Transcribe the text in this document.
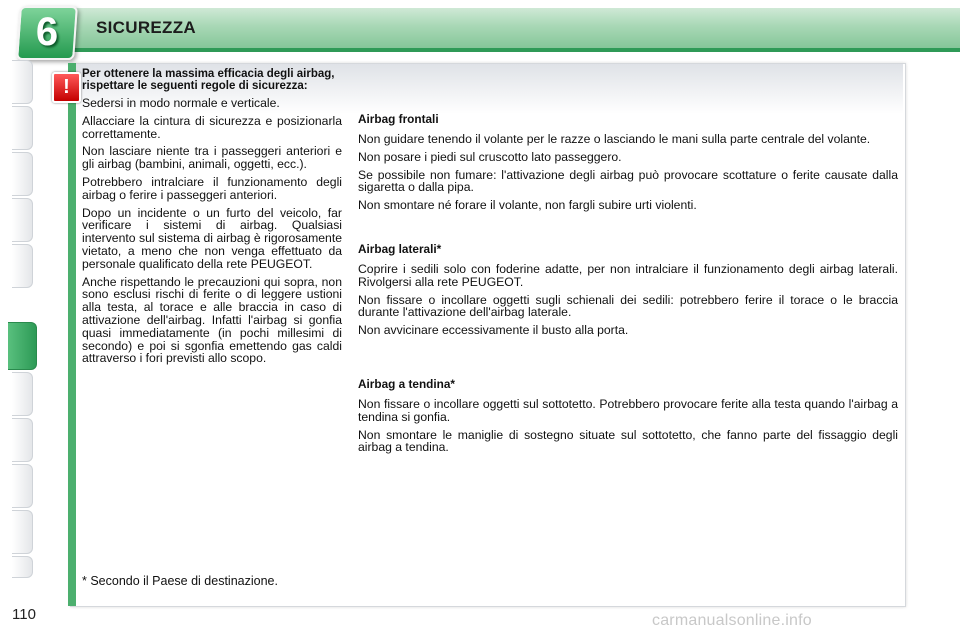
6	SICUREZZA
!
Per ottenere la massima efficacia degli airbag, rispettare le seguenti regole di sicurezza:

Sedersi in modo normale e verticale.

Allacciare la cintura di sicurezza e posizionarla correttamente.

Non lasciare niente tra i passeggeri anteriori e gli airbag (bambini, animali, oggetti, ecc.).

Potrebbero intralciare il funzionamento degli airbag o ferire i passeggeri anteriori.

Dopo un incidente o un furto del veicolo, far verificare i sistemi di airbag. Qualsiasi intervento sul sistema di airbag è rigorosamente vietato, a meno che non venga effettuato da personale qualificato della rete PEUGEOT.

Anche rispettando le precauzioni qui sopra, non sono esclusi rischi di ferite o di leggere ustioni alla testa, al torace e alle braccia in caso di attivazione dell'airbag. Infatti l'airbag si gonfia quasi immediatamente (in pochi millesimi di secondo) e poi si sgonfia emettendo gas caldi attraverso i fori previsti allo scopo.

* Secondo il Paese di destinazione.
Airbag frontali

Non guidare tenendo il volante per le razze o lasciando le mani sulla parte centrale del volante.

Non posare i piedi sul cruscotto lato passeggero.

Se possibile non fumare: l'attivazione degli airbag può provocare scottature o ferite causate dalla sigaretta o dalla pipa.

Non smontare né forare il volante, non fargli subire urti violenti.

Airbag laterali*

Coprire i sedili solo con foderine adatte, per non intralciare il funzionamento degli airbag laterali. Rivolgersi alla rete PEUGEOT.

Non fissare o incollare oggetti sugli schienali dei sedili: potrebbero ferire il torace o le braccia durante l'attivazione dell'airbag laterale.

Non avvicinare eccessivamente il busto alla porta.

Airbag a tendina*

Non fissare o incollare oggetti sul sottotetto. Potrebbero provocare ferite alla testa quando l'airbag a tendina si gonfia.

Non smontare le maniglie di sostegno situate sul sottotetto, che fanno parte del fissaggio degli airbag a tendina.

110	carmanualsonline.info
